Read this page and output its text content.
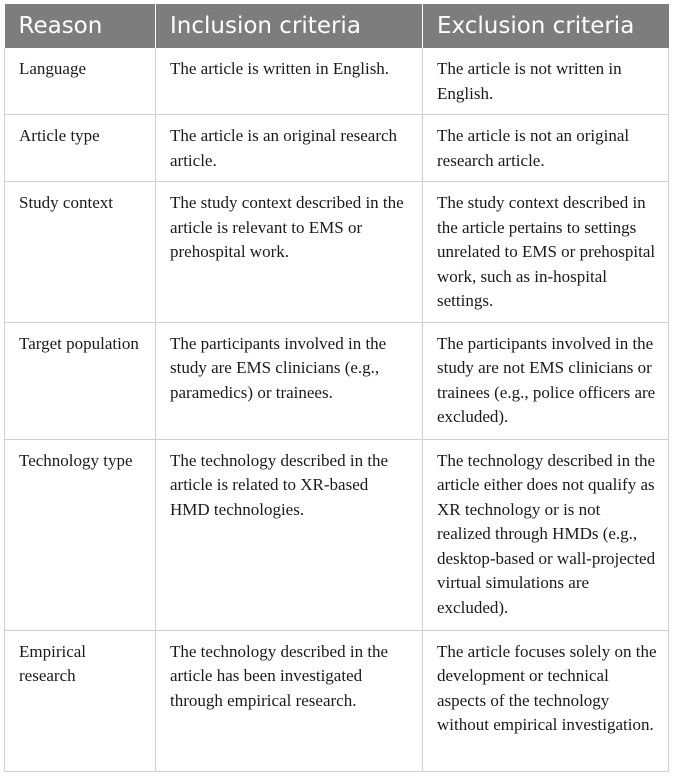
Reason	Inclusion criteria	Exclusion criteria
Language	The article is written in English.	The article is not written in English.
Article type	The article is an original research article.	The article is not an original research article.
Study context	The study context described in the article is relevant to EMS or prehospital work.	The study context described in the article pertains to settings unrelated to EMS or prehospital work, such as in-hospital settings.
Target population	The participants involved in the study are EMS clinicians (e.g., paramedics) or trainees.	The participants involved in the study are not EMS clinicians or trainees (e.g., police officers are excluded).
Technology type	The technology described in the article is related to XR-based HMD technologies.	The technology described in the article either does not qualify as XR technology or is not realized through HMDs (e.g., desktop-based or wall-projected virtual simulations are excluded).
Empirical research	The technology described in the article has been investigated through empirical research.	The article focuses solely on the development or technical aspects of the technology without empirical investigation.
